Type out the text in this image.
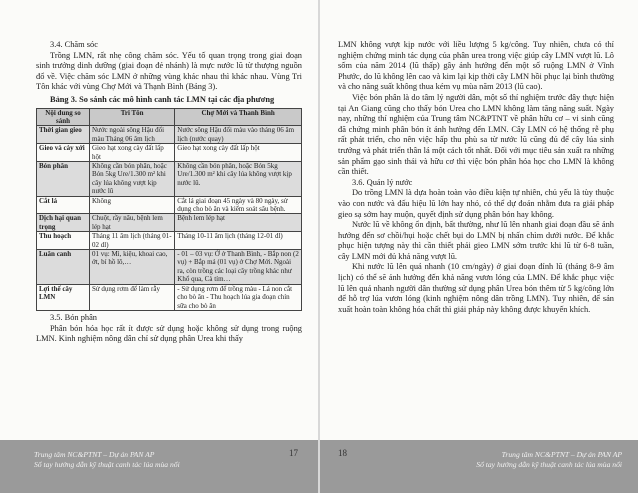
3.4. Chăm sóc

Trồng LMN, rất nhẹ công chăm sóc. Yếu tố quan trọng trong giai đoạn sinh trưởng dinh dưỡng (giai đoạn đẻ nhánh) là mực nước lũ từ thượng nguồn đổ về. Việc chăm sóc LMN ở những vùng khác nhau thì khác nhau. Vùng Tri Tôn khác với vùng Chợ Mới và Thạnh Bình (Bảng 3).

Bảng 3. So sánh các mô hình canh tác LMN tại các địa phương

Nội dung so sánh	Tri Tôn	Chợ Mới và Thanh Bình
Thời gian gieo	Nước ngoài sông Hậu đổi màu Tháng 06 âm lịch	Nước sông Hậu đổi màu vào tháng 06 âm lịch (nước quay)
Gieo và cày xới	Gieo hạt xong cày đất lấp hột	Gieo hạt xong cày đất lấp hột
Bón phân	Không cần bón phân, hoặc Bón 5kg Ure/1.300 m² khi cây lúa không vượt kịp nước lũ	Không cần bón phân, hoặc Bón 5kg Ure/1.300 m² khi cây lúa không vượt kịp nước lũ.
Cắt lá	Không	Cắt lá giai đoạn 45 ngày và 80 ngày, sử dụng cho bò ăn và kiểm soát sâu bệnh.
Dịch hại quan trọng	Chuột, rầy nâu, bệnh lem lép hạt	Bệnh lem lép hạt
Thu hoạch	Tháng 11 âm lịch (tháng 01-02 dl)	Tháng 10-11 âm lịch (tháng 12-01 dl)
Luân canh	01 vụ: Mì, kiệu, khoai cao, ớt, bí hồ lô,…	- 01 – 03 vụ: Ớ ở Thanh Bình, - Bắp non (2 vụ) + Bắp má (01 vụ) ở Chợ Mới. Ngoài ra, còn trồng các loại cây trồng khác như Khổ qua, Cà tím…
Lợi thế cây LMN	Sử dụng rơm để làm rẫy	- Sử dụng rơm để trồng màu - Lá non cắt cho bò ăn - Thu hoạch lúa gia đoạn chín sữa cho bò ăn

3.5. Bón phân

Phân bón hóa học rất ít được sử dụng hoặc không sử dụng trong ruộng LMN. Kinh nghiệm nông dân chỉ sử dụng phân Urea khi thấy

Trung tâm NC&PTNT – Dự án PAN AP
Sổ tay hướng dẫn kỹ thuật canh tác lúa mùa nổi
17

LMN không vượt kịp nước với liều lượng 5 kg/công. Tuy nhiên, chưa có thí nghiệm chứng minh tác dụng của phân urea trong việc giúp cây LMN vượt lũ. Lô sốm của năm 2014 (lũ thấp) gây ảnh hưởng đến một số ruộng LMN ở Vĩnh Phước, do lũ không lên cao và kim lại kịp thời cây LMN hồi phục lại bình thường và cho năng suất không thua kém vụ mùa năm 2013 (lũ cao).

Việc bón phân là do tâm lý người dân, một số thí nghiệm trước đây thực hiện tại An Giang cũng cho thấy bón Urea cho LMN không làm tăng năng suất. Ngày nay, những thí nghiệm của Trung tâm NC&PTNT về phân hữu cơ – vi sinh cũng đã chứng minh phân bón ít ảnh hưởng đến LMN. Cây LMN có hệ thống rễ phụ rất phát triển, cho nên việc hấp thu phù sa từ nước lũ cũng đủ để cây lúa sinh trưởng và phát triển thân lá một cách tốt nhất. Đối với mục tiêu sản xuất ra những sản phẩm gạo sinh thái và hữu cơ thì việc bón phân hóa học cho LMN là không cần thiết.

3.6. Quản lý nước

Do trồng LMN là dựa hoàn toàn vào điều kiện tự nhiên, chủ yếu là tùy thuộc vào con nước và đấu hiệu lũ lớn hay nhỏ, có thể dự đoán nhằm đưa ra giải pháp gieo sạ sớm hay muộn, quyết định sử dụng phân bón hay không.

Nước lũ về không ổn định, bất thường, như lũ lên nhanh giai đoạn đầu sẽ ảnh hưởng đến sơ chồi/hụi hoặc chết bụi do LMN bị nhấn chìm dưới nước. Để khắc phục hiện tượng này thì cần thiết phải gieo LMN sớm trước khi lũ từ 6-8 tuần, cây LMN mới đủ khả năng vượt lũ.

Khi nước lũ lên quá nhanh (10 cm/ngày) ở giai đoạn đỉnh lũ (tháng 8-9 âm lịch) có thể sẽ ảnh hưởng đến khả năng vươn lóng của LMN. Để khắc phục việc lũ lên quá nhanh người dân thường sử dụng phân Urea bón thêm từ 5 kg/công lớn để hỗ trợ lúa vươn lóng (kinh nghiệm nông dân trồng LMN). Tuy nhiên, để sản xuất hoàn toàn không hóa chất thì giải pháp này không được khuyến khích.

18	Trung tâm NC&PTNT – Dự án PAN AP
Sổ tay hướng dẫn kỹ thuật canh tác lúa mùa nổi
